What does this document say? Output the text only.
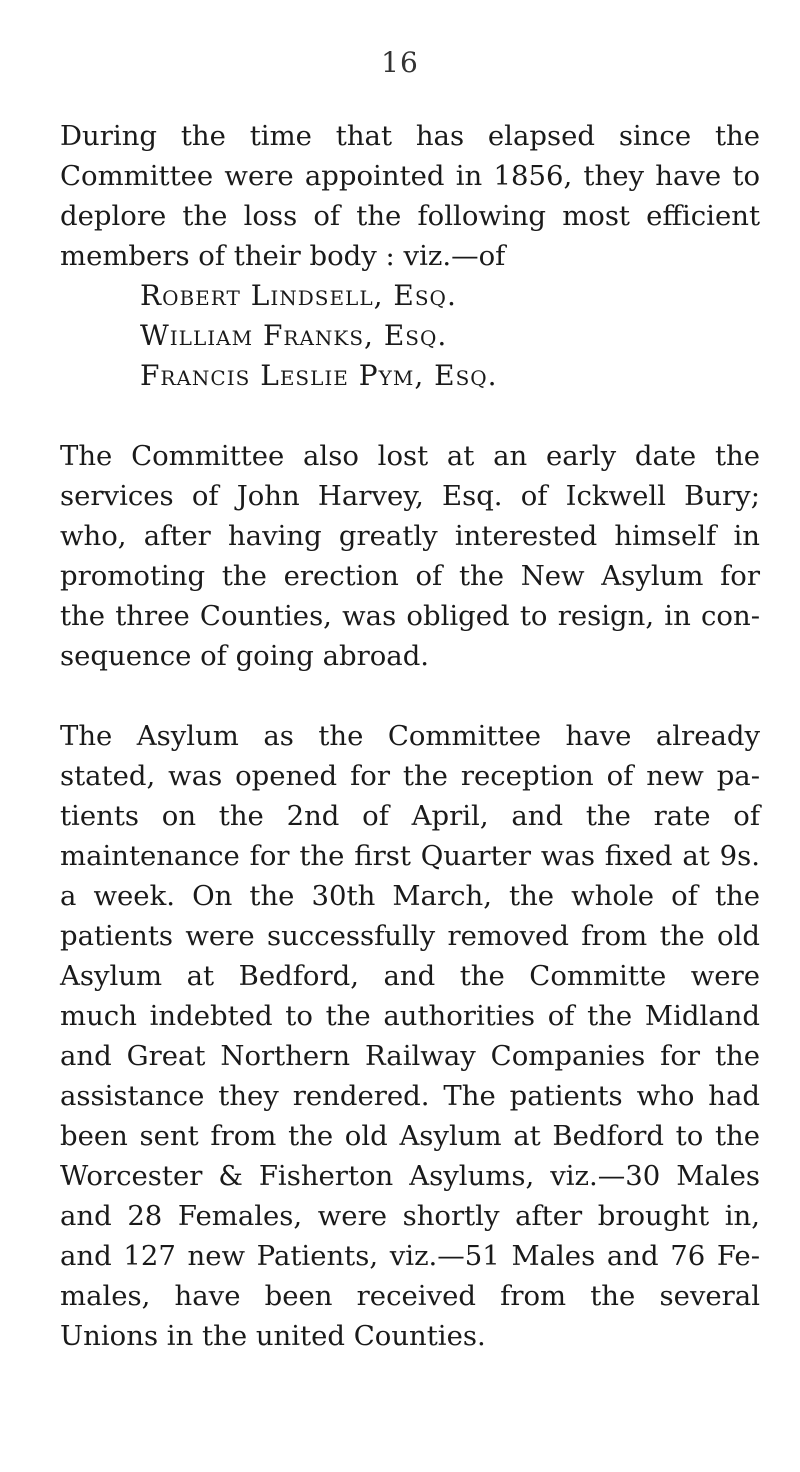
16
During the time that has elapsed since the
Committee were appointed in 1856, they have to
deplore the loss of the following most efficient
members of their body : viz.—of
Robert Lindsell, Esq.
William Franks, Esq.
Francis Leslie Pym, Esq.
The Committee also lost at an early date the
services of John Harvey, Esq. of Ickwell Bury;
who, after having greatly interested himself in
promoting the erection of the New Asylum for
the three Counties, was obliged to resign, in con-
sequence of going abroad.
The Asylum as the Committee have already
stated, was opened for the reception of new pa-
tients on the 2nd of April, and the rate of
maintenance for the first Quarter was fixed at 9s.
a week. On the 30th March, the whole of the
patients were successfully removed from the old
Asylum at Bedford, and the Committe were
much indebted to the authorities of the Midland
and Great Northern Railway Companies for the
assistance they rendered. The patients who had
been sent from the old Asylum at Bedford to the
Worcester & Fisherton Asylums, viz.—30 Males
and 28 Females, were shortly after brought in,
and 127 new Patients, viz.—51 Males and 76 Fe-
males, have been received from the several
Unions in the united Counties.
